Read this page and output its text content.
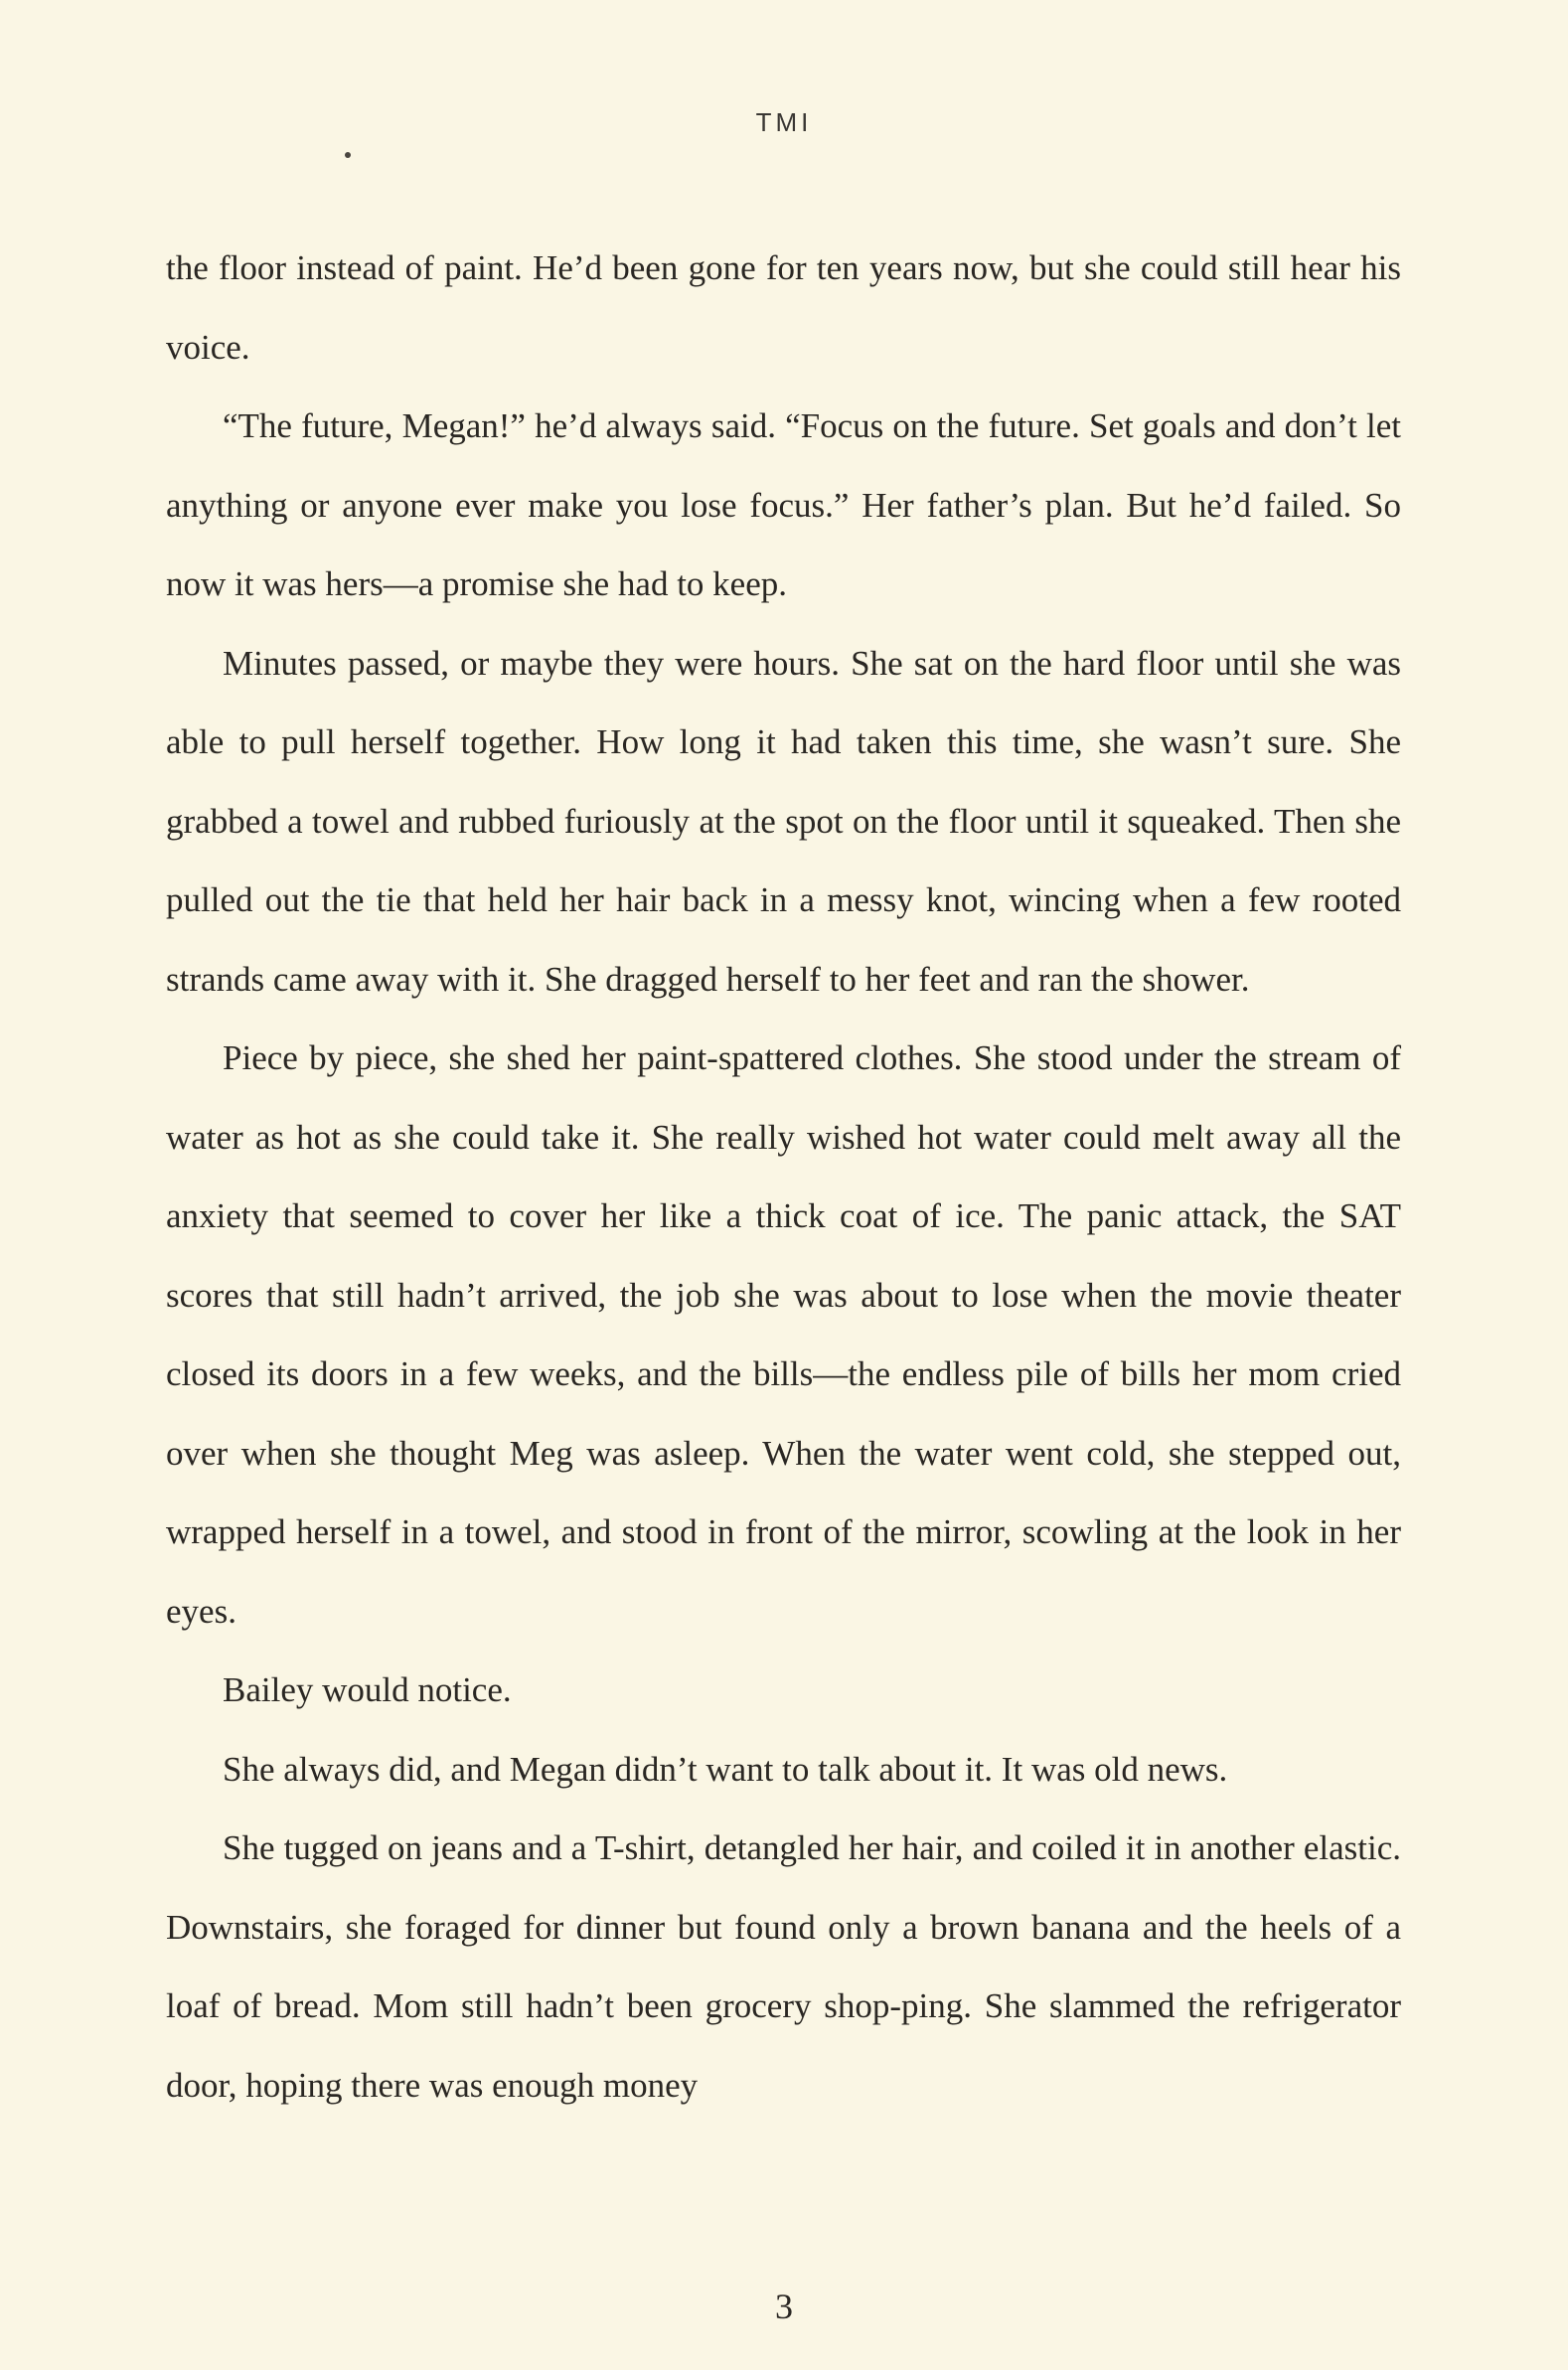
TMI

the floor instead of paint. He’d been gone for ten years now, but she could still hear his voice.

“The future, Megan!” he’d always said. “Focus on the future. Set goals and don’t let anything or anyone ever make you lose focus.” Her father’s plan. But he’d failed. So now it was hers—a promise she had to keep.

Minutes passed, or maybe they were hours. She sat on the hard floor until she was able to pull herself together. How long it had taken this time, she wasn’t sure. She grabbed a towel and rubbed furiously at the spot on the floor until it squeaked. Then she pulled out the tie that held her hair back in a messy knot, wincing when a few rooted strands came away with it. She dragged herself to her feet and ran the shower.

Piece by piece, she shed her paint-spattered clothes. She stood under the stream of water as hot as she could take it. She really wished hot water could melt away all the anxiety that seemed to cover her like a thick coat of ice. The panic attack, the SAT scores that still hadn’t arrived, the job she was about to lose when the movie theater closed its doors in a few weeks, and the bills—the endless pile of bills her mom cried over when she thought Meg was asleep. When the water went cold, she stepped out, wrapped herself in a towel, and stood in front of the mirror, scowling at the look in her eyes.

Bailey would notice.

She always did, and Megan didn’t want to talk about it. It was old news.

She tugged on jeans and a T-shirt, detangled her hair, and coiled it in another elastic. Downstairs, she foraged for dinner but found only a brown banana and the heels of a loaf of bread. Mom still hadn’t been grocery shop-ping. She slammed the refrigerator door, hoping there was enough money

3
